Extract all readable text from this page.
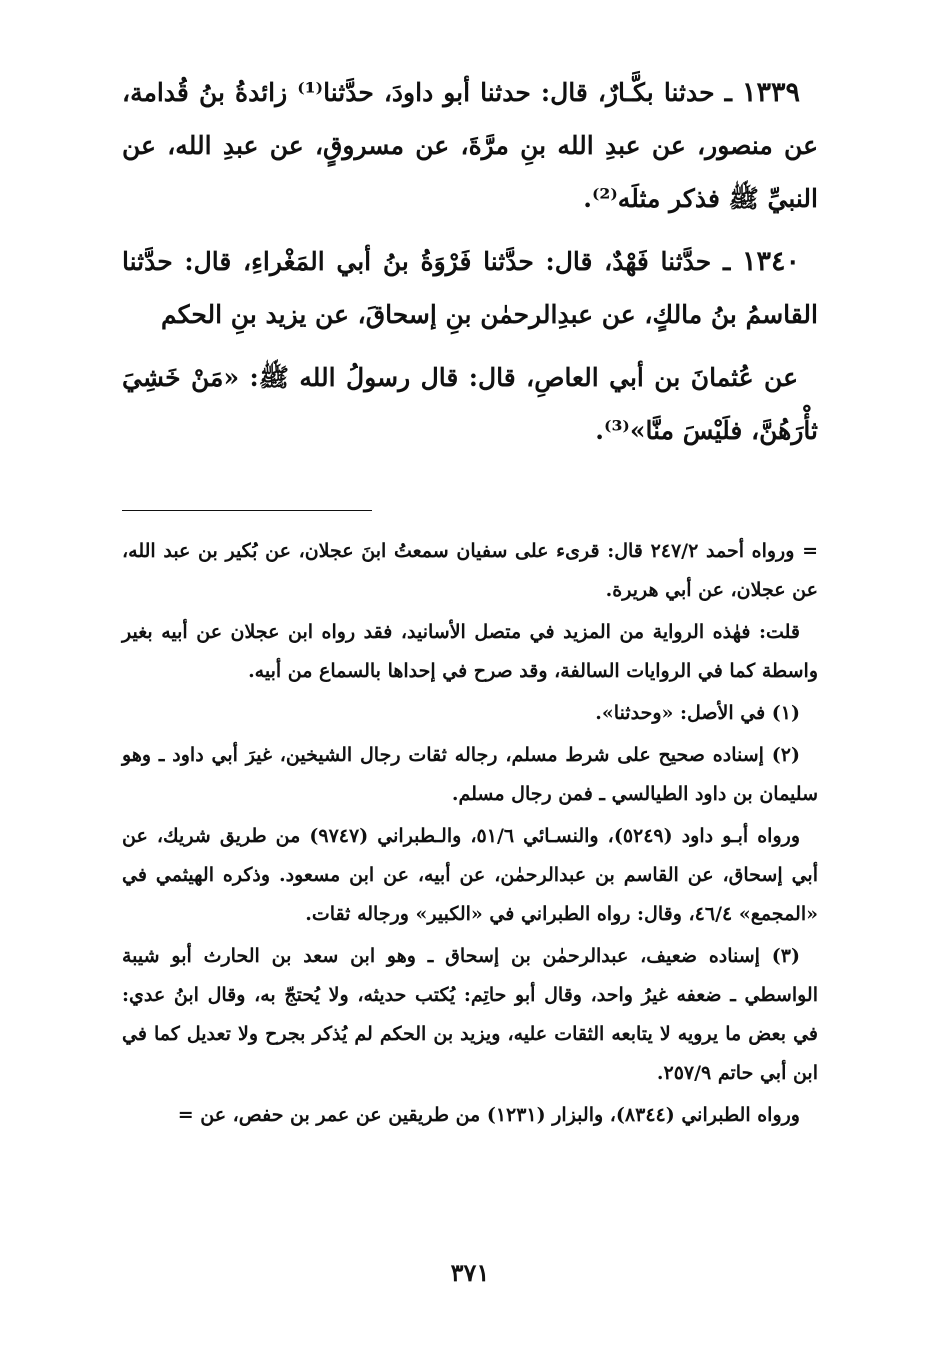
١٣٣٩ ـ حدثنا بكَّـارٌ، قال: حدثنا أبو داودَ، حدَّثنا⁽¹⁾ زائدةُ بنُ قُدامة، عن منصور، عن عبدِ الله بنِ مرَّةَ، عن مسروقٍ، عن عبدِ الله، عن النبيِّ ﷺ فذكر مثلَه⁽²⁾.

١٣٤٠ ـ حدَّثنا فَهْدٌ، قال: حدَّثنا فَرْوَةُ بنُ أبي المَغْراءِ، قال: حدَّثنا القاسمُ بنُ مالكٍ، عن عبدِالرحمٰن بنِ إسحاقَ، عن يزيد بنِ الحكم

عن عُثمانَ بن أبي العاصِ، قال: قال رسولُ الله ﷺ: «مَنْ خَشِيَ ثأْرَهُنَّ، فلَيْسَ منَّا»⁽³⁾.

= ورواه أحمد ٢٤٧/٢ قال: قرىء على سفيان سمعتُ ابنَ عجلان، عن بُكير بن عبد الله، عن عجلان، عن أبي هريرة.

قلت: فهٰذه الرواية من المزيد في متصل الأسانيد، فقد رواه ابن عجلان عن أبيه بغير واسطة كما في الروايات السالفة، وقد صرح في إحداها بالسماع من أبيه.

(١) في الأصل: «وحدثنا».

(٢) إسناده صحيح على شرط مسلم، رجاله ثقات رجال الشيخين، غيرَ أبي داود ـ وهو سليمان بن داود الطيالسي ـ فمن رجال مسلم.

ورواه أبـو داود (٥٢٤٩)، والنسـائي ٥١/٦، والـطبراني (٩٧٤٧) من طريق شريك، عن أبي إسحاق، عن القاسم بن عبدالرحمٰن، عن أبيه، عن ابن مسعود. وذكره الهيثمي في «المجمع» ٤٦/٤، وقال: رواه الطبراني في «الكبير» ورجاله ثقات.

(٣) إسناده ضعيف، عبدالرحمٰن بن إسحاق ـ وهو ابن سعد بن الحارث أبو شيبة الواسطي ـ ضعفه غيرُ واحد، وقال أبو حاتِم: يُكتب حديثه، ولا يُحتجّ به، وقال ابنُ عدي: في بعض ما يرويه لا يتابعه الثقات عليه، ويزيد بن الحكم لم يُذكر بجرح ولا تعديل كما في ابن أبي حاتم ٢٥٧/٩.

ورواه الطبراني (٨٣٤٤)، والبزار (١٢٣١) من طريقين عن عمر بن حفص، عن =

٣٧١
